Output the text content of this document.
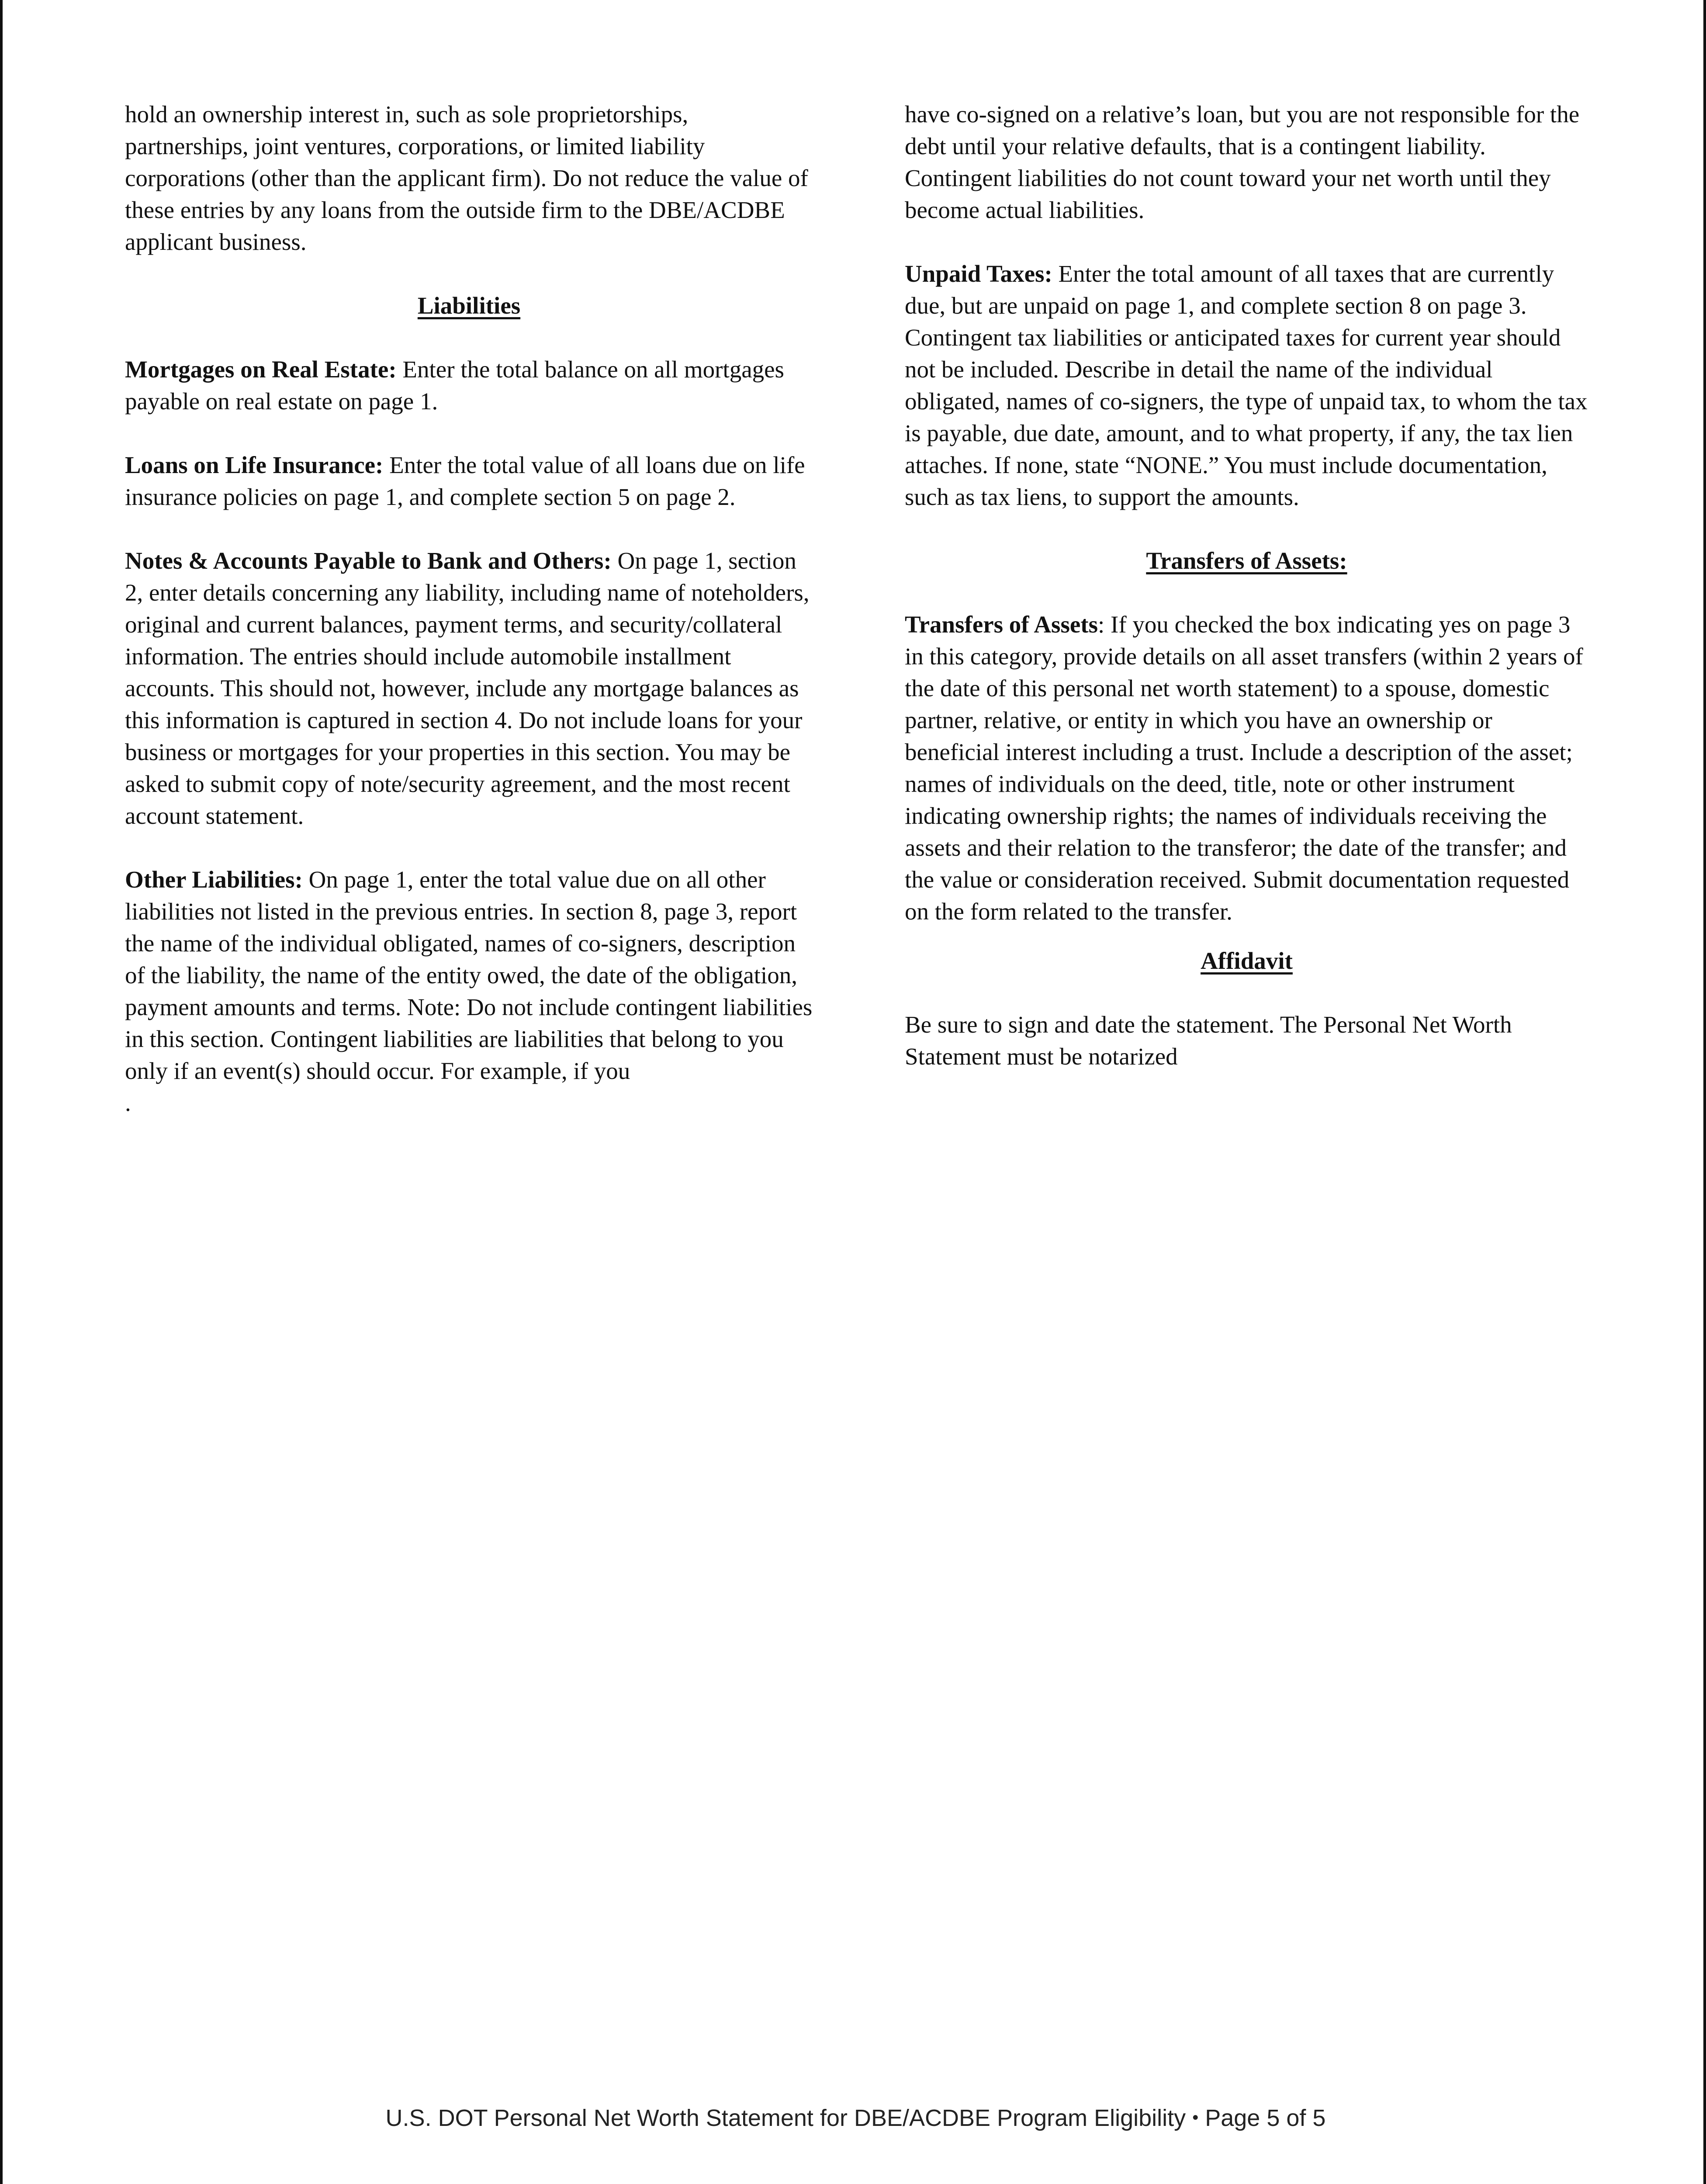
hold an ownership interest in, such as sole proprietorships, partnerships, joint ventures, corporations, or limited liability corporations (other than the applicant firm). Do not reduce the value of these entries by any loans from the outside firm to the DBE/ACDBE applicant business.

Liabilities

Mortgages on Real Estate: Enter the total balance on all mortgages payable on real estate on page 1.

Loans on Life Insurance: Enter the total value of all loans due on life insurance policies on page 1, and complete section 5 on page 2.

Notes & Accounts Payable to Bank and Others: On page 1, section 2, enter details concerning any liability, including name of noteholders, original and current balances, payment terms, and security/collateral information. The entries should include automobile installment accounts. This should not, however, include any mortgage balances as this information is captured in section 4. Do not include loans for your business or mortgages for your properties in this section. You may be asked to submit copy of note/security agreement, and the most recent account statement.

Other Liabilities: On page 1, enter the total value due on all other liabilities not listed in the previous entries. In section 8, page 3, report the name of the individual obligated, names of co-signers, description of the liability, the name of the entity owed, the date of the obligation, payment amounts and terms. Note: Do not include contingent liabilities in this section. Contingent liabilities are liabilities that belong to you only if an event(s) should occur. For example, if you

.

have co-signed on a relative’s loan, but you are not responsible for the debt until your relative defaults, that is a contingent liability. Contingent liabilities do not count toward your net worth until they become actual liabilities.

Unpaid Taxes: Enter the total amount of all taxes that are currently due, but are unpaid on page 1, and complete section 8 on page 3. Contingent tax liabilities or anticipated taxes for current year should not be included. Describe in detail the name of the individual obligated, names of co-signers, the type of unpaid tax, to whom the tax is payable, due date, amount, and to what property, if any, the tax lien attaches. If none, state “NONE.” You must include documentation, such as tax liens, to support the amounts.

Transfers of Assets:

Transfers of Assets: If you checked the box indicating yes on page 3 in this category, provide details on all asset transfers (within 2 years of the date of this personal net worth statement) to a spouse, domestic partner, relative, or entity in which you have an ownership or beneficial interest including a trust. Include a description of the asset; names of individuals on the deed, title, note or other instrument indicating ownership rights; the names of individuals receiving the assets and their relation to the transferor; the date of the transfer; and the value or consideration received. Submit documentation requested on the form related to the transfer.

Affidavit

Be sure to sign and date the statement. The Personal Net Worth Statement must be notarized

U.S. DOT Personal Net Worth Statement for DBE/ACDBE Program Eligibility • Page 5 of 5
